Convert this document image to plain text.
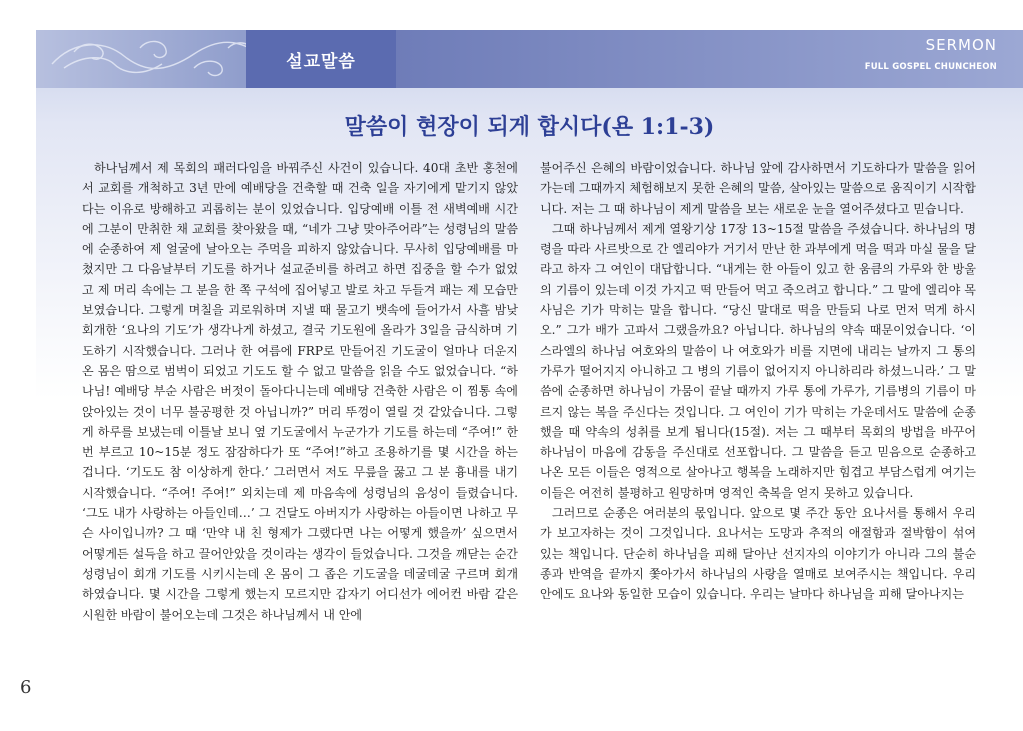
설교말씀
SERMON
FULL GOSPEL CHUNCHEON
말씀이 현장이 되게 합시다(욘 1:1-3)

하나님께서 제 목회의 패러다임을 바꿔주신 사건이 있습니다. 40대 초반 홍천에서 교회를 개척하고 3년 만에 예배당을 건축할 때 건축 일을 자기에게 맡기지 않았다는 이유로 방해하고 괴롭히는 분이 있었습니다. 입당예배 이틀 전 새벽예배 시간에 그분이 만취한 채 교회를 찾아왔을 때, “네가 그냥 맞아주어라”는 성령님의 말씀에 순종하여 제 얼굴에 날아오는 주먹을 피하지 않았습니다. 무사히 입당예배를 마쳤지만 그 다음날부터 기도를 하거나 설교준비를 하려고 하면 집중을 할 수가 없었고 제 머리 속에는 그 분을 한 쪽 구석에 집어넣고 발로 차고 두들겨 패는 제 모습만 보였습니다. 그렇게 며칠을 괴로워하며 지낼 때 물고기 뱃속에 들어가서 사흘 밤낮 회개한 ‘요나의 기도’가 생각나게 하셨고, 결국 기도원에 올라가 3일을 금식하며 기도하기 시작했습니다. 그러나 한 여름에 FRP로 만들어진 기도굴이 얼마나 더운지 온 몸은 땀으로 범벅이 되었고 기도도 할 수 없고 말씀을 읽을 수도 없었습니다. “하나님! 예배당 부순 사람은 버젓이 돌아다니는데 예배당 건축한 사람은 이 찜통 속에 앉아있는 것이 너무 불공평한 것 아닙니까?” 머리 뚜껑이 열릴 것 같았습니다. 그렇게 하루를 보냈는데 이틀날 보니 옆 기도굴에서 누군가가 기도를 하는데 “주여!” 한 번 부르고 10~15분 정도 잠잠하다가 또 “주여!”하고 조용하기를 몇 시간을 하는 겁니다. ‘기도도 참 이상하게 한다.’ 그러면서 저도 무릎을 꿇고 그 분 흉내를 내기 시작했습니다. “주여! 주여!” 외치는데 제 마음속에 성령님의 음성이 들렸습니다. ‘그도 내가 사랑하는 아들인데…’ 그 건달도 아버지가 사랑하는 아들이면 나하고 무슨 사이입니까? 그 때 ‘만약 내 친 형제가 그랬다면 나는 어떻게 했을까’ 싶으면서 어떻게든 설득을 하고 끌어안았을 것이라는 생각이 들었습니다. 그것을 깨닫는 순간 성령님이 회개 기도를 시키시는데 온 몸이 그 좁은 기도굴을 데굴데굴 구르며 회개하였습니다. 몇 시간을 그렇게 했는지 모르지만 갑자기 어디선가 에어컨 바람 같은 시원한 바람이 불어오는데 그것은 하나님께서 내 안에

불어주신 은혜의 바람이었습니다. 하나님 앞에 감사하면서 기도하다가 말씀을 읽어 가는데 그때까지 체험해보지 못한 은혜의 말씀, 살아있는 말씀으로 움직이기 시작합니다. 저는 그 때 하나님이 제게 말씀을 보는 새로운 눈을 열어주셨다고 믿습니다.

그때 하나님께서 제게 열왕기상 17장 13~15절 말씀을 주셨습니다. 하나님의 명령을 따라 사르밧으로 간 엘리야가 거기서 만난 한 과부에게 먹을 떡과 마실 물을 달라고 하자 그 여인이 대답합니다. “내게는 한 아들이 있고 한 움큼의 가루와 한 방울의 기름이 있는데 이것 가지고 떡 만들어 먹고 죽으려고 합니다.” 그 말에 엘리야 목사님은 기가 막히는 말을 합니다. “당신 말대로 떡을 만들되 나로 먼저 먹게 하시오.” 그가 배가 고파서 그랬을까요? 아닙니다. 하나님의 약속 때문이었습니다. ‘이스라엘의 하나님 여호와의 말씀이 나 여호와가 비를 지면에 내리는 날까지 그 통의 가루가 떨어지지 아니하고 그 병의 기름이 없어지지 아니하리라 하셨느니라.’ 그 말씀에 순종하면 하나님이 가뭄이 끝날 때까지 가루 통에 가루가, 기름병의 기름이 마르지 않는 복을 주신다는 것입니다. 그 여인이 기가 막히는 가운데서도 말씀에 순종했을 때 약속의 성취를 보게 됩니다(15절). 저는 그 때부터 목회의 방법을 바꾸어 하나님이 마음에 감동을 주신대로 선포합니다. 그 말씀을 듣고 믿음으로 순종하고 나온 모든 이들은 영적으로 살아나고 행복을 노래하지만 힘겹고 부담스럽게 여기는 이들은 여전히 불평하고 원망하며 영적인 축복을 얻지 못하고 있습니다.

그러므로 순종은 여러분의 몫입니다. 앞으로 몇 주간 동안 요나서를 통해서 우리가 보고자하는 것이 그것입니다. 요나서는 도망과 추적의 애절함과 절박함이 섞여 있는 책입니다. 단순히 하나님을 피해 달아난 선지자의 이야기가 아니라 그의 불순종과 반역을 끝까지 쫓아가서 하나님의 사랑을 열매로 보여주시는 책입니다. 우리 안에도 요나와 동일한 모습이 있습니다. 우리는 날마다 하나님을 피해 달아나지는

6
